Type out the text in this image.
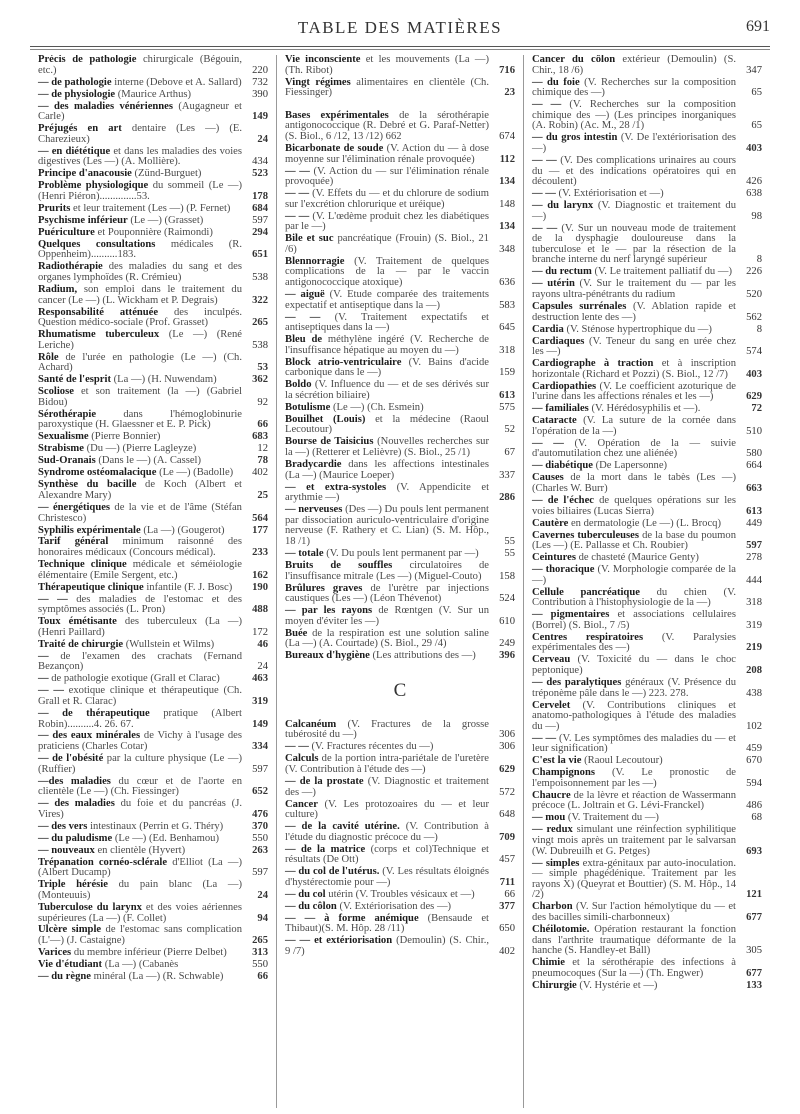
TABLE DES MATIÈRES	691
Précis de pathologie chirurgicale (Bégouin, etc.)	220
— de pathologie interne (Debove et A. Sallard) 732
— de physiologie (Maurice Arthus)	390
— des maladies vénériennes (Augagneur et Carle)	149
Préjugés en art dentaire (Les —) (E. Charezieux)	24
— en diététique et dans les maladies des voies digestives (Les —) (A. Mollière).	434
Principe d'anacousie (Zünd-Burguet)	523
Problème physiologique du sommeil (Le —) (Henri Piéron)..............53.	178
Prurits et leur traitement (Les —) (P. Fernet)	684
Psychisme inférieur (Le —) (Grasset)	597
Puériculture et Pouponnière (Raimondi)	294
Quelques consultations médicales (R. Oppenheim)..........183.	651
Radiothérapie des maladies du sang et des organes lymphoïdes (R. Crémieu)	538
Radium, son emploi dans le traitement du cancer (Le —) (L. Wickham et P. Degrais)	322
Responsabilité atténuée des inculpés. Question médico-sociale (Prof. Grasset)	265
Rhumatisme tuberculeux (Le —) (René Leriche)	538
Rôle de l'urée en pathologie (Le —) (Ch. Achard)	53
Santé de l'esprit (La —) (H. Nuwendam)	362
Scoliose et son traitement (la —) (Gabriel Bidou)	92
Sérothérapie	dans l'hémoglobinurie paroxystique (H. Glaessner et E. P. Pick)	66
Sexualisme (Pierre Bonnier)	683
Strabisme (Du —) (Pierre Lagleyze)	12
Sud-Oranais (Dans le —) (A. Cassel)	78
Syndrome ostéomalacique (Le —) (Badolle)	402
Synthèse du bacille de Koch (Albert et Alexandre Mary)	25
— énergétiques de la vie et de l'âme (Stéfan Christesco)	564
Syphilis expérimentale (La —) (Gougerot)	177
Tarif général minimum raisonné des honoraires médicaux (Concours médical).	233
Technique clinique médicale et séméiologie élémentaire (Emile Sergent, etc.)	162
Thérapeutique clinique infantile (F. J. Bosc)	190
— — des maladies de l'estomac et des symptômes associés (L. Pron)	488
Toux émétisante des tuberculeux (La —) (Henri Paillard)	172
Traité de chirurgie (Wullstein et Wilms)	46
— de l'examen des crachats (Fernand Bezançon)	24
— de pathologie exotique (Grall et Clarac)	463
— — exotique clinique et thérapeutique (Ch. Grall et R. Clarac)	319
— de thérapeutique pratique (Albert Robin)..........4. 26. 67.	149
— des eaux minérales de Vichy à l'usage des praticiens (Charles Cotar)	334
— de l'obésité par la culture physique (Le —) (Ruffier)	597
—des maladies du cœur et de l'aorte en clientèle (Le —) (Ch. Fiessinger)	652
— des maladies du foie et du pancréas (J. Vires)	476
— des vers intestinaux (Perrin et G. Théry)	370
— du paludisme (Le —) (Ed. Benhamou)	550
— nouveaux en clientèle (Hyvert)	263
Trépanation cornéo-sclérale d'Elliot (La —) (Albert Ducamp)	597
Triple hérésie du pain blanc (La —) (Monteuuis)	24
Tuberculose du larynx et des voies aériennes supérieures (La —) (F. Collet)	94
Ulcère simple de l'estomac sans complication (L'—) (J. Castaigne)	265
Varices du membre inférieur (Pierre Delbet)	313
Vie d'étudiant (La —) (Cabanès	550
— du règne minéral (La —) (R. Schwable)	66
Vie inconsciente et les mouvements (La —) (Th. Ribot)	716
Vingt régimes alimentaires en clientèle (Ch. Fiessinger)	23
Bases expérimentales de la sérothérapie antigonococcique (R. Debré et G. Paraf-Netter) (S. Biol., 6 /12, 13 /12) 662	674
Bicarbonate de soude (V. Action du — à dose moyenne sur l'élimination rénale provoquée)	112
— — (V. Action du — sur l'élimination rénale provoquée)	134
— — (V. Effets du — et du chlorure de sodium sur l'excrétion chlorurique et uréique)	148
— — (V. L'œdème produit chez les diabétiques par le —)	134
Bile et suc pancréatique (Frouin) (S. Biol., 21 /6)	348
Blennorragie (V. Traitement de quelques complications de la — par le vaccin antigonococcique atoxique)	636
— aiguë (V. Etude comparée des traitements expectatif et antiseptique dans la —)	583
— — (V. Traitement expectatifs et antiseptiques dans la —)	645
Bleu de méthylène ingéré (V. Recherche de l'insuffisance hépatique au moyen du —)	318
Block atrio-ventriculaire (V. Bains d'acide carbonique dans le —)	159
Boldo (V. Influence du — et de ses dérivés sur la sécrétion biliaire)	613
Botulisme (Le —) (Ch. Esmein)	575
Bouilhet (Louis) et la médecine (Raoul Lecoutour)	52
Bourse de Taisicius (Nouvelles recherches sur la —) (Retterer et Lelièvre) (S. Biol., 25 /1)	67
Bradycardie dans les affections intestinales (La —) (Maurice Loeper)	337
— et extra-systoles (V. Appendicite et arythmie —)	286
— nerveuses (Des —) Du pouls lent permanent par dissociation auriculo-ventriculaire d'origine nerveuse (F. Rathery et C. Lian) (S. M. Hôp., 18 /1)	55
— totale (V. Du pouls lent permanent par —)	55
Bruits de souffles circulatoires de l'insuffisance mitrale (Les —) (Miguel-Couto)	158
Brûlures graves de l'urètre par injections caustiques (Les —) (Léon Thévenot)	524
— par les rayons de Rœntgen (V. Sur un moyen d'éviter les —)	610
Buée de la respiration est une solution saline (La —) (A. Courtade) (S. Biol., 29 /4)	249
Bureaux d'hygiène (Les attributions des —)	396
C
Calcanéum (V. Fractures de la grosse tubérosité du —)	306
— — (V. Fractures récentes du —)	306
Calculs de la portion intra-pariétale de l'uretère (V. Contribution à l'étude des —)	629
— de la prostate (V. Diagnostic et traitement des —)	572
Cancer (V. Les protozoaires du — et leur culture)	648
— de la cavité utérine. (V. Contribution à l'étude du diagnostic précoce du —)	709
— de la matrice (corps et col)Technique et résultats (De Ott)	457
— du col de l'utérus. (V. Les résultats éloignés d'hystérectomie pour —)	711
— du col utérin (V. Troubles vésicaux et —)	66
— du côlon (V. Extériorisation des —)	377
— — à forme anémique (Bensaude et Thibaut)(S. M. Hôp. 28 /11)	650
— — et extériorisation (Demoulin) (S. Chir., 9 /7)	402
Cancer du côlon extérieur (Demoulin) (S. Chir., 18 /6)	347
— du foie (V. Recherches sur la composition chimique des —)	65
— — (V. Recherches sur la composition chimique des —) (Les principes inorganiques (A. Robin) (Ac. M., 28 /1)	65
— du gros intestin (V. De l'extériorisation des —)	403
— — (V. Des complications urinaires au cours du — et des indications opératoires qui en découlent)	426
— — (V. Extériorisation et —)	638
— du larynx (V. Diagnostic et traitement du —)	98
— — (V. Sur un nouveau mode de traitement de la dysphagie douloureuse dans la tuberculose et le — par la résection de la branche interne du nerf laryngé supérieur	8
— du rectum (V. Le traitement palliatif du —)	226
— utérin (V. Sur le traitement du — par les rayons ultra-pénétrants du radium	520
Capsules surrénales (V. Ablation rapide et destruction lente des —)	562
Cardia (V. Sténose hypertrophique du —)	8
Cardiaques (V. Teneur du sang en urée chez les —)	574
Cardiographe à traction et à inscription horizontale (Richard et Pozzi) (S. Biol., 12 /7)	403
Cardiopathies (V. Le coefficient azoturique de l'urine dans les affections rénales et les —)	629
— familiales (V. Hérédosyphilis et —).	72
Cataracte (V. La suture de la cornée dans l'opération de la —)	510
— — (V. Opération de la — suivie d'automutilation chez une aliénée)	580
— diabétique (De Lapersonne)	664
Causes de la mort dans le tabès (Les —) (Charles W. Burr)	663
— de l'échec de quelques opérations sur les voies biliaires (Lucas Sierra)	613
Cautère en dermatologie (Le —) (L. Brocq)	449
Cavernes tuberculeuses de la base du poumon (Les —) (E. Pallasse et Ch. Roubier)	597
Ceintures de chasteté (Maurice Genty)	278
— thoracique (V. Morphologie comparée de la —)	444
Cellule pancréatique du chien (V. Contribution à l'histophysiologie de la —)	318
— pigmentaires et associations cellulaires (Borrel) (S. Biol., 7 /5)	319
Centres respiratoires (V. Paralysies expérimentales des —)	219
Cerveau (V. Toxicité du — dans le choc peptonique)	208
— des paralytiques généraux (V. Présence du tréponème pâle dans le —) 223. 278.	438
Cervelet (V. Contributions cliniques et anatomo-pathologiques à l'étude des maladies du —)	102
— — (V. Les symptômes des maladies du — et leur signification)	459
C'est la vie (Raoul Lecoutour)	670
Champignons (V. Le pronostic de l'empoisonnement par les —)	594
Chaucre de la lèvre et réaction de Wassermann précoce (L. Joltrain et G. Lévi-Franckel)	486
— mou (V. Traitement du —)	68
— redux simulant une réinfection syphilitique vingt mois après un traitement par le salvarsan (W. Dubreuilh et G. Petges)	693
— simples extra-génitaux par auto-inoculation. — simple phagédénique. Traitement par les rayons X) (Queyrat et Bouttier) (S. M. Hôp., 14 /2)	121
Charbon (V. Sur l'action hémolytique du — et des bacilles simili-charbonneux)	677
Chéilotomie. Opération restaurant la fonction dans l'arthrite traumatique déformante de la hanche (S. Handley-et Ball)	305
Chimie et la sérothérapie des infections à pneumocoques (Sur la —) (Th. Engwer)	677
Chirurgie (V. Hystérie et —)	133
